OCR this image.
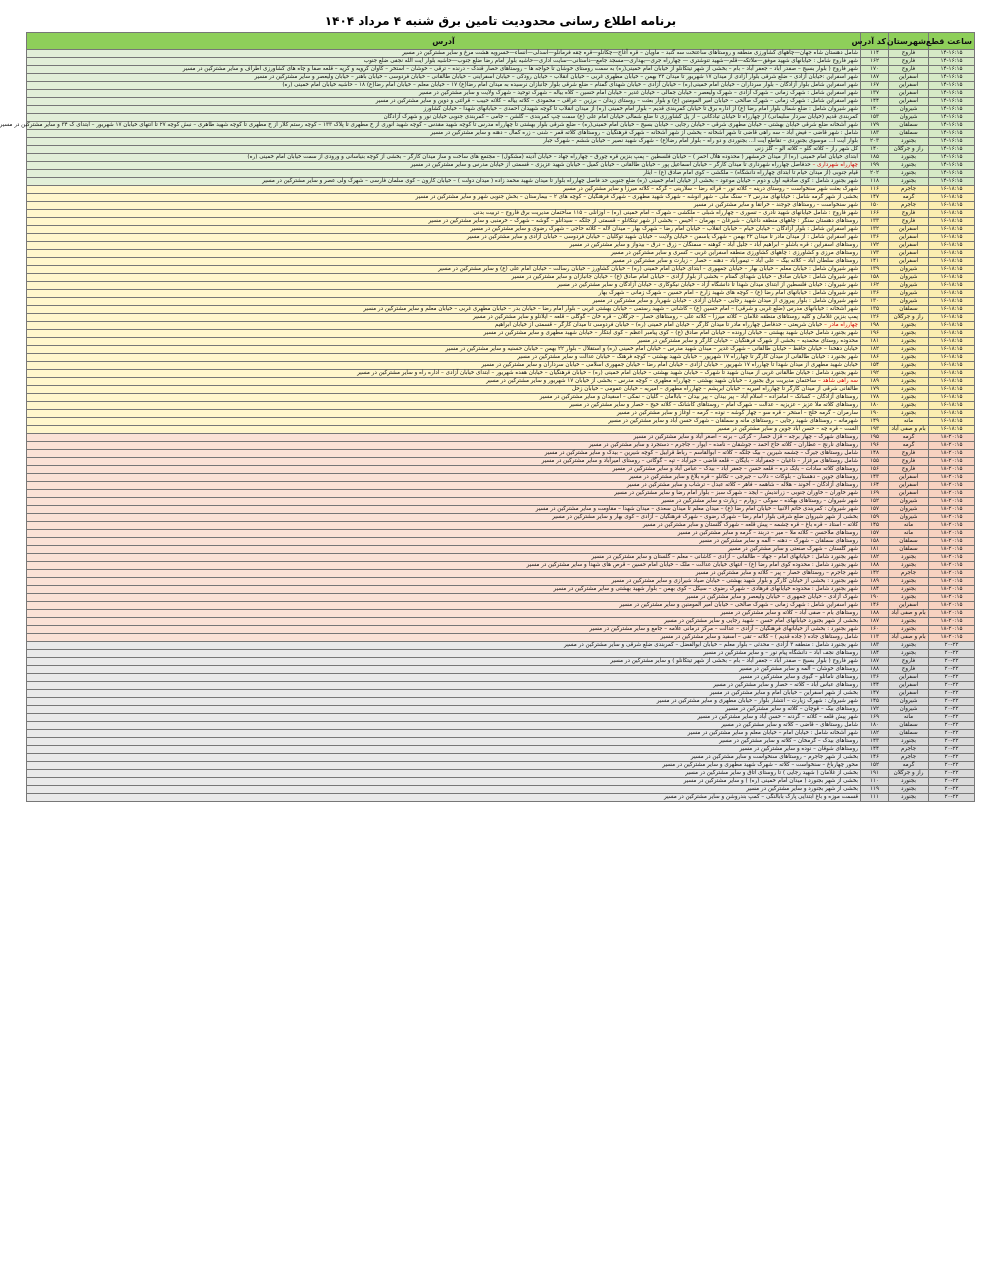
برنامه اطلاع رسانی محدودیت تامین برق شنبه ۴ مرداد ۱۴۰۴
ساعت قطع	شهرستان	کد آدرس	آدرس
۱۴-۱۶:۱۵	فاروج	۱۱۴	شامل دهستان شاه جهان—چاههای کشاورزی منطقه و روستاهای ساعتخت سه گنبد – ماویان – قره آغاج—چکانلو—قره چقه فرمانلو—اسدلی—انساء—خسرویه هشت مرغ و سایر مشترکین در مسیر
۱۴-۱۶:۱۵	فاروج	۱۶۲	شهر فاروج شامل : خیابانهای شهید موفق—ملاتکه—قلم—شهید تنوشتری — چهارراه جری—بهداری—مسجد جامع—داستانی—سایت اداری—حاشیه بلوار امام رضا ضلع جنوب—حاشیه بلوار ایت الله نجفی ضلع جنوب
۱۴-۱۶:۱۵	فاروج	۱۷۰	شهر فاروج ( بلوار بسیج – صفدر آباد – جعفر آباد – بام – بخشی از شهر تیتکانلو از خیابان امام خمینی(ره) به سمت روستای خوشان تا خواجه ها – روستاهای حصار قندک – درنده – ترقی – خوشان – استخر – کاوان کرویه و کرپه – قلعه صفا و چاه های کشاورزی اطراف و سایر مشترکین در مسیر
۱۴-۱۶:۱۵	اسفراین	۱۸۷	شهر اسفراین :خیابان آزادی – ضلع شرقی بلوار آزادی از میدان ۱۷ شهریور تا میدان ۲۲ بهمن – خیابان مطهری غربی – خیابان انقلاب – خیابان رودکی – خیابان اسفراینی – خیابان طالقانی – خیابان فردوسی – خیابان باهنر – خیابان ولیعصر و سایر مشترکین در مسیر
۱۴-۱۶:۱۵	اسفراین	۱۶۷	شهر اسفراین شامل بلوار آزادگان – بلوار سرداران – خیابان امام خمینی(ره) – خیابان آزادی – خیابان شهدای گمنام – ضلع شرقی بلوار جانبازان نرسیده به میدان امام رضا(ع) ۱۷ – خیابان معلم – خیابان امام رضا(ع) ۱۸ – حاشیه خیابان امام خمینی (ره)
۱۴-۱۶:۱۵	اسفراین	۱۳۷	شهر اسفراین شامل : شهرک زمانی – شهرک آزادی – شهرک ولیعصر – خیابان جمالی – خیابان غدیر – خیابان امام حسین – کلاه بیاله – شهرک توحید – شهرک ولایت و سایر مشترکین در مسیر
۱۴-۱۶:۱۵	اسفراین	۱۴۴	شهر اسفراین شامل : شهرک زمانی – شهرک صالحی – خیابان امیر المومنین (ع) و بلوار بعثت – روستای زیدان – برزین – عراقی – محمودی – کلاته بیاله – کلاته حبیب – قرائتی و دوین و سایر مشترکین در مسیر
۱۴-۱۶:۱۵	شیروان	۱۴۰	شهر شیروان شامل : ضلع شمال بلوار امام رضا (ع) از اداره برق تا خیابان کمربندی قدیم – بلوار امام خمینی (ره) از میدان انقلاب تا کوچه شهیدان احمدی – خیابانهای شهدا – خیابان کشاورز
۱۴-۱۶:۱۵	شیروان	۱۵۳	کمربندی قدیم (خیابان سردار سلیمانی) از چهارراه تا خیابان تبادکانی – از پل کشاورزی تا ضلع شمالی خیابان امام علی (ع) سمت چپ کمربندی – گلشن – جامی – کمربندی جنوبی خیابان نور و شهرک آزادگان
۱۴-۱۶:۱۵	سملقان	۱۷۹	شهر آشخانه ضلع شرقی خیابان بهشتی – خیابان مطهری شرقی – خیابان رجایی – خیابان بسیج – خیابان امام خمینی(ره) – ضلع شرقی بلوار بهشتی تا چهارراه مدرس تا کوچه شهید مقدس – کوچه شهید انوری از خ مطهری تا پلاک ۱۳۳ – کوچه رستم کلار از خ مطهری تا کوچه شهید طاهری – نبش کوچه ۲۷ تا انتهای خیابان ۱۷ شهریور – ابتدای ک ۳۴ و سایر مشترکین در مسیر
۱۴-۱۶:۱۵	سملقان	۱۸۳	شامل : شهر قاضی – فیض آباد – سه راهی قاضی تا شهر آشخانه – بخشی از شهر آشخانه – شهرک فرهنگیان – روستاهای کلاته قمر – شنی – زره کمال – دهنه و سایر مشترکین در مسیر
۱۴-۱۶:۱۵	بجنورد	۲۰۳	بلوار آیت ا... موسوی بجنوردی – تقاطع آیت ا... بجنوردی و دو راه – بلوار امام رضا(ع) – شهرک شهید نصیر – خیابان ششم – شهرک جبار
۱۴-۱۶:۱۵	راز و جرگلان	۱۴۰	کل شهر راز – کلاته گلو – کلاته الو – گلز زنی
۱۴-۱۶:۱۵	بجنورد	۱۸۵	ابتدای خیابان امام خمینی (ره) از میدان خرمشهر ( محدوده هلال احمر ) – خیابان فلسطین – پمپ بنزین قره چورق – چهارراه جهاد – خیابان آدینه (مشکول) – مجتمع های ساخت و ساز میدان کارگر – بخشی از کوچه بنیاسانی و ورودی از سمت خیابان امام خمینی (ره)
۱۴-۱۶:۱۵	بجنورد	۱۹۹	چهارراه شهرداری – حدفاصل چهارراه شهرداری تا میدان کارگر – خیابان اسماعیل پور – خیابان طالقانی – خیابان کمیل – خیابان شهید عزیزی – قسمتی از خیابان مدرس و سایر مشترکین در مسیر
۱۴-۱۶:۱۵	بجنورد	۲۰۲	قیام جنوبی (از میدان خیام تا ابتدای چهارراه دانشگاه) – ملکشی – کوی امام صادق (ع) – ایثار
۱۴-۱۶:۱۵	بجنورد	۱۱۸	شهر بجنورد شامل : کوی صادقیه اول و دوم – خیابان موعود – بخشی از خیابان امام خمینی (ره) ضلع جنوبی حد فاصل چهارراه بلوار تا میدان شهید محمد زاده ( میدان دولت ) – خیابان کارون – کوی سلمان فارسی – شهرک ولی عصر و سایر مشترکین در مسیر
۱۶-۱۸:۱۵	جاجرم	۱۱۶	شهرک بعثت شهر سنخواست – روستای درینه – کلاته نور – قرائه رضا – سلارینی – گرکه – کلاته میرزا و سایر مشترکین در مسیر
۱۶-۱۸:۱۵	گرمه	۱۴۷	بخشی از شهر گرمه شامل : خیابانهای مدرس ۲ – سنگ ملی – شهر انوشه – شهرک شهید مطهری – شهرک فرهنگیان – کوچه های ۲ – بیمارستان – بخش جنوبی شهر و سایر مشترکین در مسیر
۱۶-۱۸:۱۵	جاجرم	۱۵۰	شهر سنخواست – روستاهای جوجند – خرانقا و سایر مشترکین در مسیر
۱۶-۱۸:۱۵	فاروج	۱۶۶	شهر فاروج : شامل خیابانهای شهید نادری – تسوری – چهارراه شبلی – ملکشی – شهرک – امام خمینی (ره) – اوزانلی – ۱۱۵ ساختمان مدیریت برق فاروج – تربیت بدنی
۱۶-۱۸:۱۵	فاروج	۱۳۳	روستاهای دهستان سنگر : چاههای منطقه داغیان – شیرغان – بهرمان – آخیس – بخشی از شهر تیتکانلو – قسمتی از جلگه – سیدانلو – گوشه – شهرک – خرمنبی و سایر مشترکین در مسیر
۱۶-۱۸:۱۵	اسفراین	۱۳۲	شهر اسفراین شامل : بلوار آزادگان – خیابان خیام – خیابان انقلاب – خیابان امام رضا – شهرک بهار – میدان لاله – کلاته حاجی – شهرک رضوی و سایر مشترکین در مسیر
۱۶-۱۸:۱۵	اسفراین	۱۳۶	شهر اسفراین شامل : از میدان مادر تا میدان ۲۲ بهمن – شهرک یاسمن – خیابان ولایت – خیابان شهید توکلیان – خیابان فردوسی – خیابان آزادی و سایر مشترکین در مسیر
۱۶-۱۸:۱۵	اسفراین	۱۷۲	روستاهای اسفراین : قره باشلو – ابراهیم آباد – جلیل آباد – کوهنه – سمنگان – زرق – درق – بیدواز و سایر مشترکین در مسیر
۱۶-۱۸:۱۵	اسفراین	۱۷۳	روستاهای مرزی و کشاورزی : چاههای کشاورزی منطقه اسفراین غربی – کسری و سایر مشترکین در مسیر
۱۶-۱۸:۱۵	اسفراین	۱۴۱	روستاهای سلطان آباد – کلاته بیگ – علی آباد – تیمورآباد – دهنه – حصار – زیارت و سایر مشترکین در مسیر
۱۶-۱۸:۱۵	شیروان	۱۳۹	شهر شیروان شامل : خیابان معلم – خیابان بهار – خیابان جمهوری – ابتدای خیابان امام خمینی (ره) – خیابان کشاورز – خیابان رسالت – خیابان امام علی (ع) و سایر مشترکین در مسیر
۱۶-۱۸:۱۵	شیروان	۱۵۸	شهر شیروان شامل : خیابان صادق – خیابان شهدای گمنام – بخشی از بلوار آزادی – خیابان امام صادق (ع) – خیابان جانبازان و سایر مشترکین در مسیر
۱۶-۱۸:۱۵	شیروان	۱۶۲	شهر شیروان : خیابان فلسطین از ابتدای میدان شهدا تا دانشگاه آزاد – خیابان نیکوکاری – خیابان آزادگان و سایر مشترکین در مسیر
۱۶-۱۸:۱۵	شیروان	۱۳۶	شهر شیروان شامل : خیابانهای امام رضا (ع) – کوچه های شهید زارع – امام حسین – شهرک زمانی – شهرک بهار
۱۶-۱۸:۱۵	شیروان	۱۳۰	شهر شیروان شامل : بلوار پیروزی از میدان شهید رجایی – خیابان آزادی – خیابان شهریار و سایر مشترکین در مسیر
۱۶-۱۸:۱۵	سملقان	۱۳۵	شهر آشخانه : خیابانهای مدرس (ضلع غربی و شرقی) – امام حسین (ع) – کاشانی – شهید رستمی – خیابان بهشتی غربی – بلوار امام رضا – خیابان بدر – خیابان مطهری غربی – خیابان معلم و سایر مشترکین در مسیر
۱۶-۱۸:۱۵	راز و جرگلان	۱۲۶	پمپ بنزین غلامان و کلیه روستاهای منطقه غلامان – کلاته میرزا – کلاته علی – روستاهای حصار – جرگلان – قره خان – گوگلی – قلعه – ایلانلو و سایر مشترکین در مسیر
۱۶-۱۸:۱۵	بجنورد	۱۹۸	چهارراه مادر – خیابان شریعتی – حدفاصل چهارراه مادر تا میدان کارگر – خیابان امام خمینی (ره) – خیابان فردوسی تا میدان کارگر – قسمتی از خیابان ابراهیم
۱۶-۱۸:۱۵	بجنورد	۱۹۶	شهر بجنورد شامل خیابان شهید بهشتی – خیابان ارونده – خیابان امام صادق (ع) – کوی پیامبر اعظم – کوی ابتکار – خیابان شهید مطهری و سایر مشترکین در مسیر
۱۶-۱۸:۱۵	بجنورد	۱۸۱	محدوده روستای محمدیه – بخشی از شهرک فرهنگیان – خیابان کارگر و سایر مشترکین در مسیر
۱۶-۱۸:۱۵	بجنورد	۱۸۲	خیابان دهخدا – خیابان حافظ – خیابان طالقانی – شهرک غدیر – میدان شهید مدرس – خیابان امام خمینی (ره) و استقلال – بلوار ۲۲ بهمن – خیابان حسنیه و سایر مشترکین در مسیر
۱۶-۱۸:۱۵	بجنورد	۱۸۶	شهر بجنورد : خیابان طالقانی از میدان کارگر تا چهارراه ۱۷ شهریور – خیابان شهید بهشتی – کوچه فرهنگ – خیابان عدالت و سایر مشترکین در مسیر
۱۶-۱۸:۱۵	بجنورد	۱۵۴	خیابان شهید مطهری از میدان شهدا تا چهارراه ۱۷ شهریور – خیابان آزادی – خیابان امام رضا – خیابان جمهوری اسلامی – خیابان سرداران و سایر مشترکین در مسیر
۱۶-۱۸:۱۵	بجنورد	۱۹۲	شهر بجنورد شامل : خیابان طالقانی غربی از میدان شهید تا شهرک – خیابان شهید بهشتی – خیابان امام خمینی (ره) – خیابان فرهنگیان – خیابان هفده شهریور – ابتدای خیابان آزادی – اداره راه و سایر مشترکین در مسیر
۱۶-۱۸:۱۵	بجنورد	۱۸۹	سه راهی شاهد – ساختمان مدیریت برق بجنورد – خیابان شهید بهشتی – چهارراه مطهری – کوچه مدرس – بخشی از خیابان ۱۷ شهریور و سایر مشترکین در مسیر
۱۶-۱۸:۱۵	بجنورد	۱۷۹	طالقانی شرقی از میدان کارگر تا چهارراه امیریه – خیابان ابریشم – چهارراه مطهری – امیریه – خیابان عمومی – خیابان زحل
۱۶-۱۸:۱۵	بجنورد	۱۷۸	روستاهای آزادگان – کسانک – امامزاده – اسلام آباد – پیر بیدان – پیر بیدان – باباامان – گلیان – نمکی – اسفیدان و سایر مشترکین در مسیر
۱۶-۱۸:۱۵	بجنورد	۱۸۰	روستاهای کلاته ملا عزیز – عزیزیه – عدالت – شهرک امام – روستاهای کاشانک – کلاته خیج – حصار و سایر مشترکین در مسیر
۱۶-۱۸:۱۵	بجنورد	۱۹۰	سارمران – گرمه خلج – استخر – قره سو – چهار گوشه – نوده – گرمه – اوغاز و سایر مشترکین در مسیر
۱۶-۱۸:۱۵	مانه	۱۴۹	شهرمانه – روستاهای شهید رجایی – روستاهای مانه و سملقان – شهرک حسن آباد و سایر مشترکین در مسیر
۱۶-۱۸:۱۵	بام و صفی آباد	۱۹۳	الست – قره چه – حسن آباد جوین و سایر مشترکین در مسیر
۱۸-۲۰:۱۵	گرمه	۱۹۵	روستاهای شهرک – چهار برجه – قزل حصار – گرکی – برنه – اصغر آباد و سایر مشترکین در مسیر
۱۸-۲۰:۱۵	گرمه	۱۹۶	روستاهای نارنج – عطاران – کلاته حاج احمد – جوشقان – نامده – ایوار – جاجرم – دستجرد و سایر مشترکین در مسیر
۱۸-۲۰:۱۵	فاروج	۱۴۸	شامل روستاهای جیرگ – چشمه شیرین – بیک جلگه – کلاته – ابوالقاسم – رباط قرابیل – کوچه شیرین – بیدک و سایر مشترکین در مسیر
۱۸-۲۰:۱۵	فاروج	۱۵۵	شامل روستاهای مرغزار – داغیان – جعفرآباد – بایگان – قلعه قاضی – خیرآباد – تپه – گوگانی – روستای امیرآباد و سایر مشترکین در مسیر
۱۸-۲۰:۱۵	فاروج	۱۵۶	روستاهای کلاته سادات – بابک دره – قلعه حسن – جعفر آباد – بیدک – عباس آباد و سایر مشترکین در مسیر
۱۸-۲۰:۱۵	اسفراین	۱۴۳	روستاهای جوین – دهستان – بلوکات – دلاب – جیرجی – تکانلو – قره بلاغ و سایر مشترکین در مسیر
۱۸-۲۰:۱۵	اسفراین	۱۶۴	روستاهای آزادگان – آخوند – هلاله – شاهمه – فاهر – کلاته عبدل – ترشاب و سایر مشترکین در مسیر
۱۸-۲۰:۱۵	اسفراین	۱۶۹	شهر خاوران – خاوران جنوبی – زراندیش – ایجد – شهرک سبز – بلوار امام رضا و سایر مشترکین در مسیر
۱۸-۲۰:۱۵	شیروان	۱۵۲	شهر شیروان – روستاهای بهکده – سوکی – زوارم – زیارت و سایر مشترکین در مسیر
۱۸-۲۰:۱۵	شیروان	۱۵۷	شهر شیروان : کمربندی خاتم الانبیا – خیابان امام رضا (ع) – میدان معلم تا میدان سعدی – میدان شهدا – مقاومت و سایر مشترکین در مسیر
۱۸-۲۰:۱۵	شیروان	۱۵۹	بخشی از شهر شیروان ضلع شرقی بلوار امام رضا – شهرک رضوی – شهرک فرهنگیان – آزادی – کوی بهار و سایر مشترکین در مسیر
۱۸-۲۰:۱۵	مانه	۱۴۵	کلاته – استاد – قره باغ – قره چشمه – پیش قلعه – شهرک گلستان و سایر مشترکین در مسیر
۱۸-۲۰:۱۵	مانه	۱۵۷	روستاهای ملاحسن – کلاته ملا – میر – دربند – گرمه و سایر مشترکین در مسیر
۱۸-۲۰:۱۵	سملقان	۱۵۸	روستاهای سملقان – شهرک – دهنه – آلمه و سایر مشترکین در مسیر
۱۸-۲۰:۱۵	سملقان	۱۸۱	شهر گلستان – شهرک صنعتی و سایر مشترکین در مسیر
۱۸-۲۰:۱۵	بجنورد	۱۸۲	شهر بجنورد شامل : خیابانهای امام – جهاد – طالقانی – آزادی – کاشانی – معلم – گلستان و سایر مشترکین در مسیر
۱۸-۲۰:۱۵	بجنورد	۱۸۸	شهر بجنورد شامل : محدوده کوی امام رضا (ع) – انتهای خیابان عدالت – ملک – خیابان امام حسین – قرص های شهدا و سایر مشترکین در مسیر
۱۸-۲۰:۱۵	جاجرم	۱۴۲	شهر جاجرم – روستاهای حصار – پیر – کلاته و سایر مشترکین در مسیر
۱۸-۲۰:۱۵	بجنورد	۱۸۹	شهر بجنورد : بخشی از خیابان کارگر و بلوار شهید بهشتی – خیابان صیاد شیرازی و سایر مشترکین در مسیر
۱۸-۲۰:۱۵	بجنورد	۱۸۴	شهر بجنورد شامل : محدوده خیابانهای فرهادی – شهرک رضوی – سیکل – کوی بهمن – بلوار شهید بهشتی و سایر مشترکین در مسیر
۱۸-۲۰:۱۵	بجنورد	۱۹۰	شهرک آزادی – خیابان جمهوری – خیابان ولیعصر و سایر مشترکین در مسیر
۱۸-۲۰:۱۵	اسفراین	۱۴۶	شهر اسفراین شامل : شهرک زمانی – شهرک صالحی – خیابان امیر المومنین و سایر مشترکین در مسیر
۱۸-۲۰:۱۵	بام و صفی آباد	۱۸۸	روستاهای بام – صفی آباد – کلاته و سایر مشترکین در مسیر
۱۸-۲۰:۱۵	بجنورد	۱۸۷	بخشی از شهر بجنورد خیابانهای امام حسن – شهید رجایی و سایر مشترکین در مسیر
۱۸-۲۰:۱۵	بجنورد	۱۶۰	شهر بجنورد : بخشی از خیابانهای فرهنگیان – آزادی – عدالت – مرکز درمانی علامه – جامع و سایر مشترکین در مسیر
۱۸-۲۰:۱۵	بام و صفی آباد	۱۱۳	شامل روستاهای جاده ( جاده قدیم ) – کلاته – تقی – اسفید و سایر مشترکین در مسیر
۲۰-۲۲	بجنورد	۱۸۳	شهر بجنورد شامل : منطقه ۳ آزادی – محدثی – بلوار معلم – خیابان ابوالفضل – کمربندی ضلع شرقی و سایر مشترکین در مسیر
۲۰-۲۲	بجنورد	۱۸۴	روستاهای نجف آباد – دانشگاه پیام نور – و سایر مشترکین در مسیر
۲۰-۲۲	فاروج	۱۸۷	شهر فاروج ( بلوار بسیج – صفدر آباد – جعفر آباد – بام – بخشی از شهر تیتکانلو ) و سایر مشترکین در مسیر
۲۰-۲۲	فاروج	۱۸۸	روستاهای خوشان – آلمه و سایر مشترکین در مسیر
۲۰-۲۲	اسفراین	۱۳۶	روستاهای نامانلو – گیوی و سایر مشترکین در مسیر
۲۰-۲۲	اسفراین	۱۴۴	روستاهای عباس آباد – کلاته – حصار و سایر مشترکین در مسیر
۲۰-۲۲	اسفراین	۱۴۷	بخشی از شهر اسفراین – خیابان امام و سایر مشترکین در مسیر
۲۰-۲۲	شیروان	۱۴۵	شهر شیروان : شهرک زیارت – انتشار بلوار – خیابان مطهری و سایر مشترکین در مسیر
۲۰-۲۲	شیروان	۱۷۲	روستاهای بیک – قوچان – کلاته و سایر مشترکین در مسیر
۲۰-۲۲	مانه	۱۶۹	شهر پیش قلعه – کلاته – گردنه – حسن آباد و سایر مشترکین در مسیر
۲۰-۲۲	سملقان	۱۸۰	شامل روستاهای – قاضی – کلاته و سایر مشترکین در مسیر
۲۰-۲۲	سملقان	۱۸۲	شهر آشخانه شامل : خیابان امام – خیابان معلم و سایر مشترکین در مسیر
۲۰-۲۲	بجنورد	۱۴۳	روستاهای بیدک – گرمخان – کلاته و سایر مشترکین در مسیر
۲۰-۲۲	جاجرم	۱۴۴	روستاهای شوقان – نوده و سایر مشترکین در مسیر
۲۰-۲۲	جاجرم	۱۴۶	بخشی از شهر جاجرم – روستاهای سنخواست و سایر مشترکین در مسیر
۲۰-۲۲	گرمه	۱۵۲	محور چهارباغ – سنخواست – کلاته – شهرک شهید مطهری و سایر مشترکین در مسیر
۲۰-۲۲	راز و جرگلان	۱۹۱	بخشی از غلامان ( شهید رجایی ) تا روستای اتاق و سایر مشترکین در مسیر
۲۰-۲۲	بجنورد	۱۱۰	بخشی از شهر بجنورد ( میدان امام خمینی (ره) ) و سایر مشترکین در مسیر
۲۰-۲۲	بجنورد	۱۱۹	بخشی از شهر بجنورد و سایر مشترکین در مسیر
۲۰-۲۲	بجنورد	۱۱۱	قسمت موزه و باغ ابتدایی پارک بابالنگی – کمپ بندروشن و سایر مشترکین در مسیر
